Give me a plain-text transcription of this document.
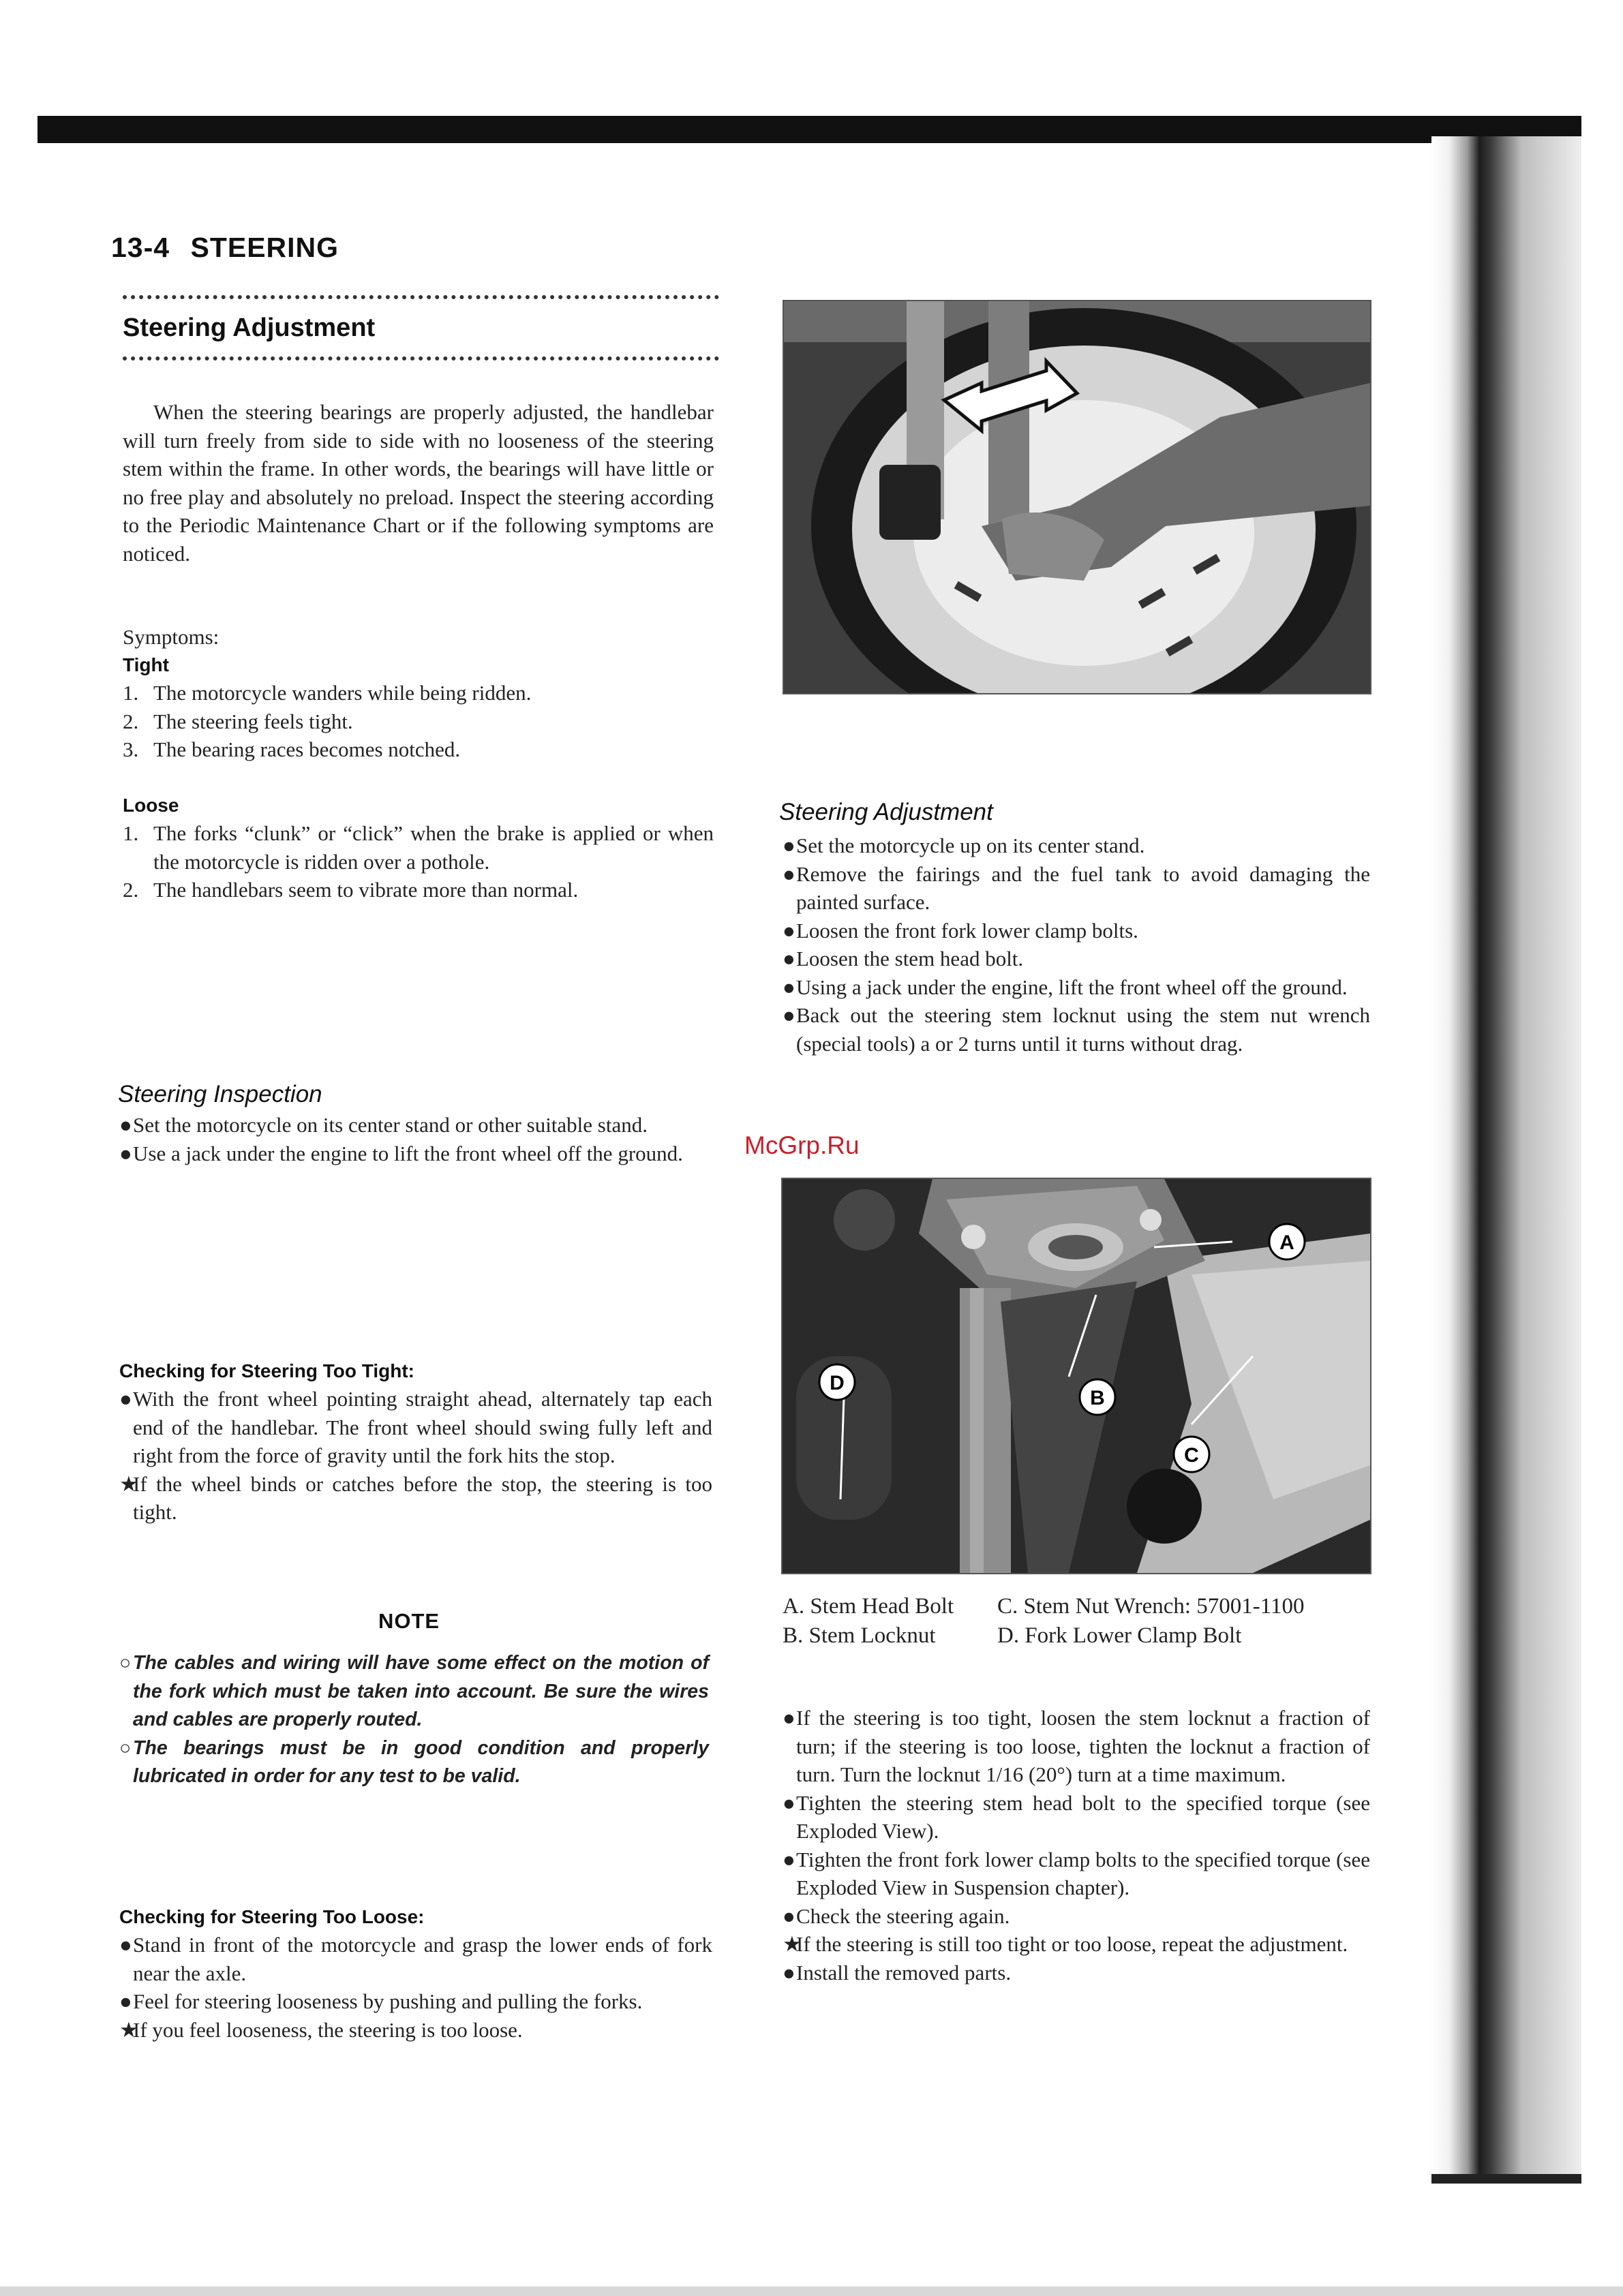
13-4 STEERING
Steering Adjustment
When the steering bearings are properly adjusted, the handlebar will turn freely from side to side with no looseness of the steering stem within the frame. In other words, the bearings will have little or no free play and absolutely no preload. Inspect the steering according to the Periodic Maintenance Chart or if the following symptoms are noticed.
Symptoms:
Tight
1. The motorcycle wanders while being ridden.
2. The steering feels tight.
3. The bearing races becomes notched.
Loose
1. The forks “clunk” or “click” when the brake is applied or when the motorcycle is ridden over a pothole.
2. The handlebars seem to vibrate more than normal.
Steering Inspection
● Set the motorcycle on its center stand or other suitable stand.
● Use a jack under the engine to lift the front wheel off the ground.
Checking for Steering Too Tight:
● With the front wheel pointing straight ahead, alternately tap each end of the handlebar. The front wheel should swing fully left and right from the force of gravity until the fork hits the stop.
★
If the wheel binds or catches before the stop, the steering is too tight.
NOTE
○ The cables and wiring will have some effect on the motion of the fork which must be taken into account. Be sure the wires and cables are properly routed.
○ The bearings must be in good condition and properly lubricated in order for any test to be valid.
Checking for Steering Too Loose:
● Stand in front of the motorcycle and grasp the lower ends of fork near the axle.
● Feel for steering looseness by pushing and pulling the forks.
★
If you feel looseness, the steering is too loose.
Steering Adjustment
● Set the motorcycle up on its center stand.
● Remove the fairings and the fuel tank to avoid damaging the painted surface.
● Loosen the front fork lower clamp bolts.
● Loosen the stem head bolt.
● Using a jack under the engine, lift the front wheel off the ground.
● Back out the steering stem locknut using the stem nut wrench (special tools) a or 2 turns until it turns without drag.
McGrp.Ru
A
B
C
D
A. Stem Head Bolt	C. Stem Nut Wrench: 57001-1100
B. Stem Locknut	D. Fork Lower Clamp Bolt
● If the steering is too tight, loosen the stem locknut a fraction of turn; if the steering is too loose, tighten the locknut a fraction of turn. Turn the locknut 1/16 (20°) turn at a time maximum.
● Tighten the steering stem head bolt to the specified torque (see Exploded View).
● Tighten the front fork lower clamp bolts to the specified torque (see Exploded View in Suspension chapter).
● Check the steering again.
★
If the steering is still too tight or too loose, repeat the adjustment.
● Install the removed parts.
